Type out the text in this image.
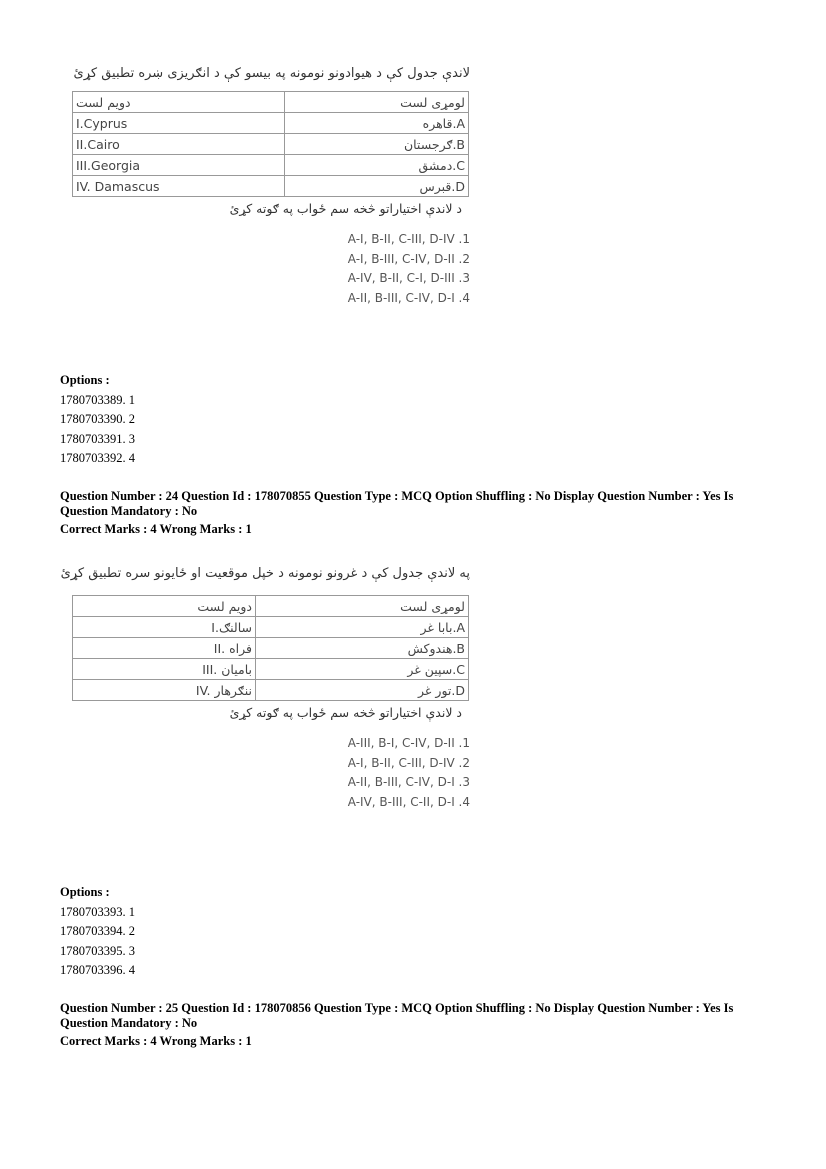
لاندې جدول کې د هیوادونو نومونه په بیسو کې د انګریزی ښره تطبیق کړئ
دویم لست	لومړی لست
I.Cyprus	قاهره.A
II.Cairo	ګرجستان.B
III.Georgia	دمشق.C
IV. Damascus	قبرس.D
د لاندې اختیاراتو څخه سم ځواب په ګوته کړئ
A-I, B-II, C-III, D-IV .1
A-I, B-III, C-IV, D-II .2
A-IV, B-II, C-I, D-III .3
A-II, B-III, C-IV, D-I .4
Options :
1780703389. 1
1780703390. 2
1780703391. 3
1780703392. 4
Question Number : 24 Question Id : 178070855 Question Type : MCQ Option Shuffling : No Display Question Number : Yes Is Question Mandatory : No
Correct Marks : 4 Wrong Marks : 1
په لاندې جدول کې د غرونو نومونه د خپل موقعیت او ځایونو سره تطبیق کړئ
دویم لست	لومړی لست
I.سالنګ	بابا غر.A
II. فراه	هندوکش.B
III. بامیان	سپین غر.C
IV. ننګرهار	تور غر.D
د لاندې اختیاراتو څخه سم ځواب په ګوته کړئ
A-III, B-I, C-IV, D-II .1
A-I, B-II, C-III, D-IV .2
A-II, B-III, C-IV, D-I .3
A-IV, B-III, C-II, D-I .4
Options :
1780703393. 1
1780703394. 2
1780703395. 3
1780703396. 4
Question Number : 25 Question Id : 178070856 Question Type : MCQ Option Shuffling : No Display Question Number : Yes Is Question Mandatory : No
Correct Marks : 4 Wrong Marks : 1
